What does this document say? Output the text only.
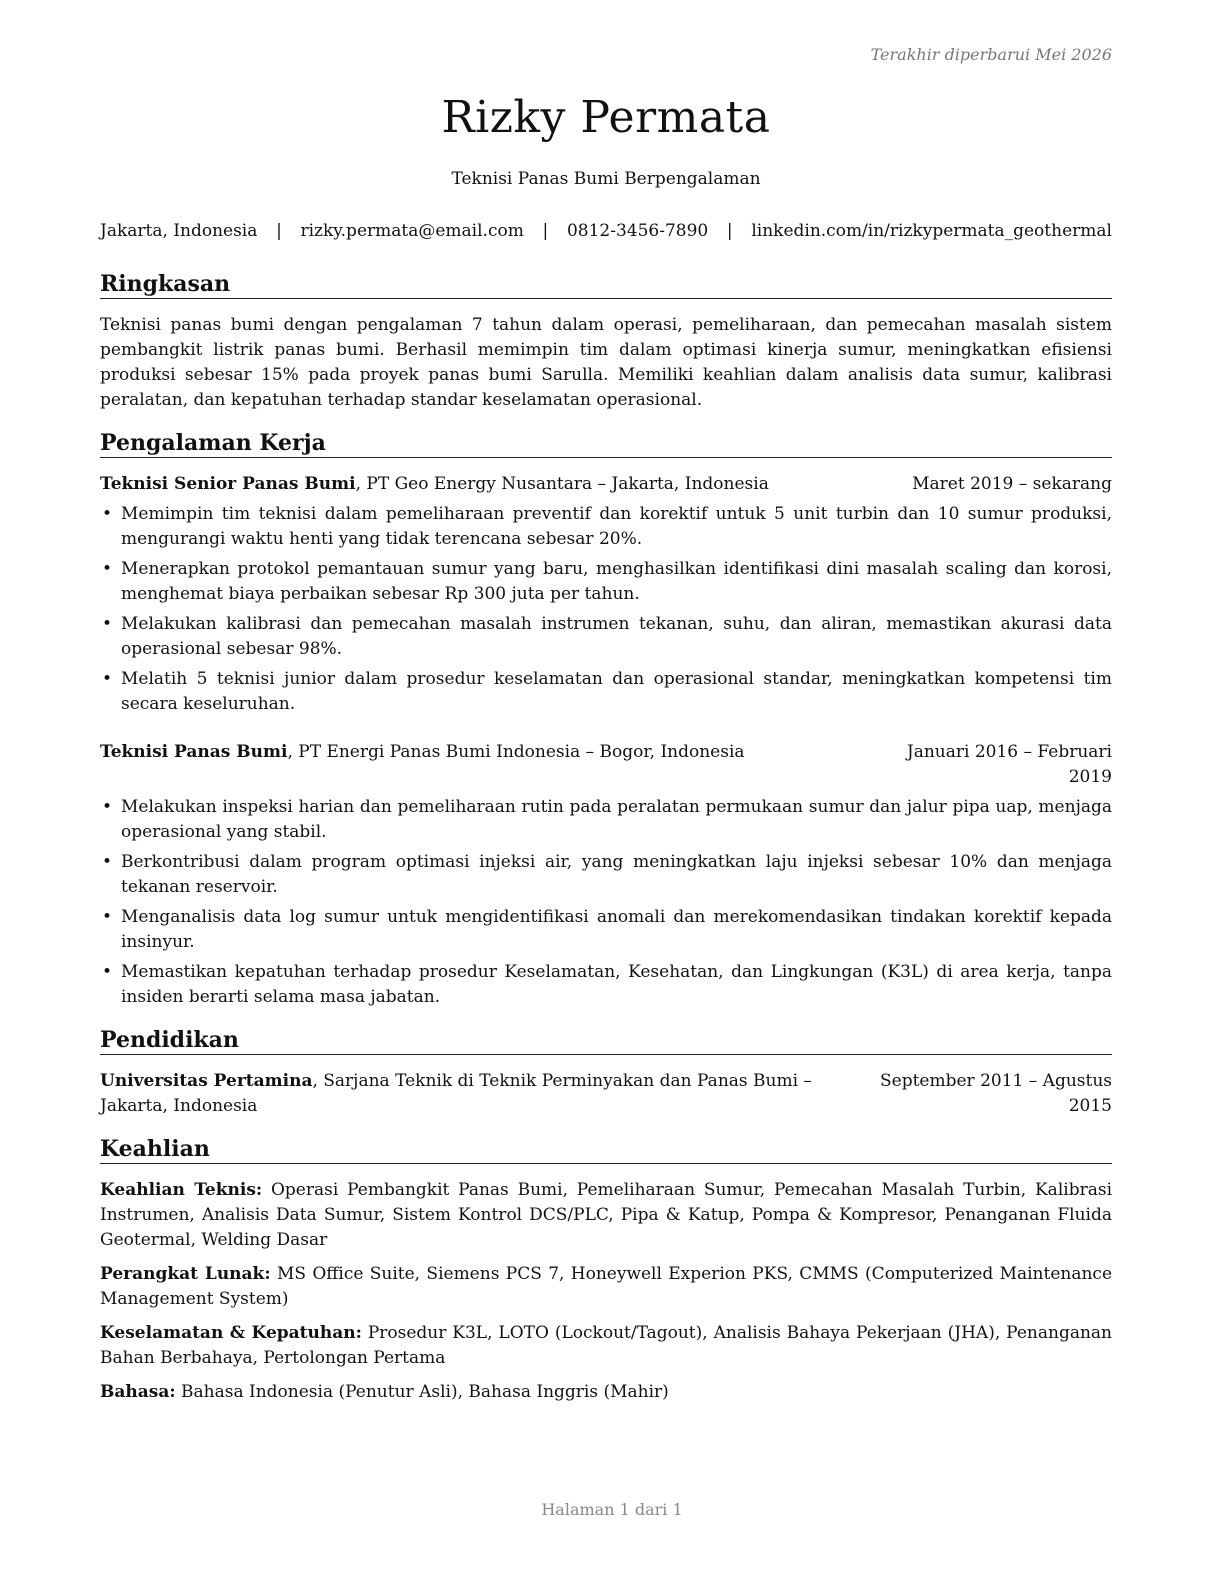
Terakhir diperbarui Mei 2026
Rizky Permata
Teknisi Panas Bumi Berpengalaman
Jakarta, Indonesia | rizky.permata@email.com | 0812-3456-7890 | linkedin.com/in/rizkypermata_geothermal
Ringkasan
Teknisi panas bumi dengan pengalaman 7 tahun dalam operasi, pemeliharaan, dan pemecahan masalah sistem pembangkit listrik panas bumi. Berhasil memimpin tim dalam optimasi kinerja sumur, meningkatkan efisiensi produksi sebesar 15% pada proyek panas bumi Sarulla. Memiliki keahlian dalam analisis data sumur, kalibrasi peralatan, dan kepatuhan terhadap standar keselamatan operasional.
Pengalaman Kerja
Teknisi Senior Panas Bumi, PT Geo Energy Nusantara – Jakarta, Indonesia	Maret 2019 – sekarang
• Memimpin tim teknisi dalam pemeliharaan preventif dan korektif untuk 5 unit turbin dan 10 sumur produksi, mengurangi waktu henti yang tidak terencana sebesar 20%.
• Menerapkan protokol pemantauan sumur yang baru, menghasilkan identifikasi dini masalah scaling dan korosi, menghemat biaya perbaikan sebesar Rp 300 juta per tahun.
• Melakukan kalibrasi dan pemecahan masalah instrumen tekanan, suhu, dan aliran, memastikan akurasi data operasional sebesar 98%.
• Melatih 5 teknisi junior dalam prosedur keselamatan dan operasional standar, meningkatkan kompetensi tim secara keseluruhan.
Teknisi Panas Bumi, PT Energi Panas Bumi Indonesia – Bogor, Indonesia	Januari 2016 – Februari 2019
• Melakukan inspeksi harian dan pemeliharaan rutin pada peralatan permukaan sumur dan jalur pipa uap, menjaga operasional yang stabil.
• Berkontribusi dalam program optimasi injeksi air, yang meningkatkan laju injeksi sebesar 10% dan menjaga tekanan reservoir.
• Menganalisis data log sumur untuk mengidentifikasi anomali dan merekomendasikan tindakan korektif kepada insinyur.
• Memastikan kepatuhan terhadap prosedur Keselamatan, Kesehatan, dan Lingkungan (K3L) di area kerja, tanpa insiden berarti selama masa jabatan.
Pendidikan
Universitas Pertamina, Sarjana Teknik di Teknik Perminyakan dan Panas Bumi – Jakarta, Indonesia
September 2011 – Agustus 2015
Keahlian
Keahlian Teknis: Operasi Pembangkit Panas Bumi, Pemeliharaan Sumur, Pemecahan Masalah Turbin, Kalibrasi Instrumen, Analisis Data Sumur, Sistem Kontrol DCS/PLC, Pipa & Katup, Pompa & Kompresor, Penanganan Fluida Geotermal, Welding Dasar
Perangkat Lunak: MS Office Suite, Siemens PCS 7, Honeywell Experion PKS, CMMS (Computerized Maintenance Management System)
Keselamatan & Kepatuhan: Prosedur K3L, LOTO (Lockout/Tagout), Analisis Bahaya Pekerjaan (JHA), Penanganan Bahan Berbahaya, Pertolongan Pertama
Bahasa: Bahasa Indonesia (Penutur Asli), Bahasa Inggris (Mahir)
Halaman 1 dari 1
